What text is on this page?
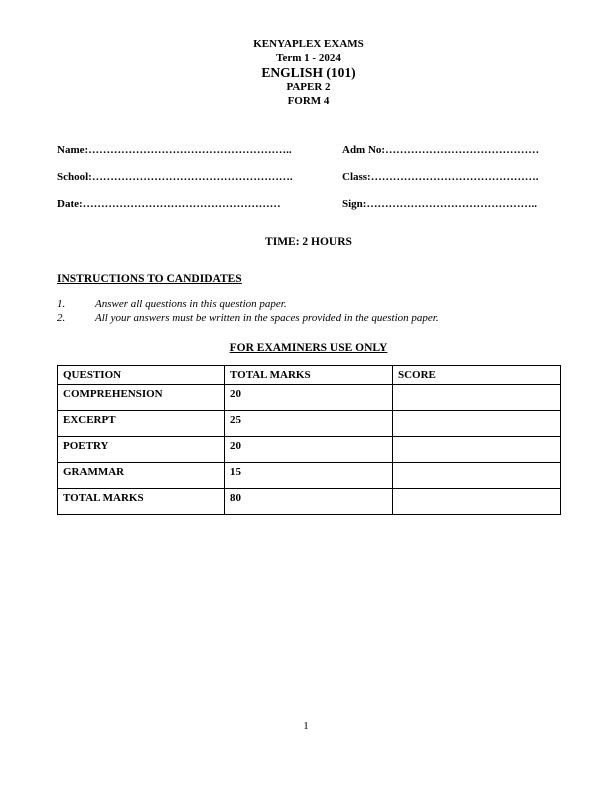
KENYAPLEX EXAMS
Term 1 - 2024
ENGLISH (101)
PAPER 2
FORM 4
Name: ………………………………………………..	Adm No: ……………………………………
School: ……………………………………………….	Class: ……………………………………….
Date: ………………………………………………	Sign: ………………………………………..
TIME: 2 HOURS
INSTRUCTIONS TO CANDIDATES
1.	Answer all questions in this question paper.
2.	All your answers must be written in the spaces provided in the question paper.
FOR EXAMINERS USE ONLY
QUESTION	TOTAL MARKS	SCORE
COMPREHENSION	20	
EXCERPT	25	
POETRY	20	
GRAMMAR	15	
TOTAL MARKS	80	
1
